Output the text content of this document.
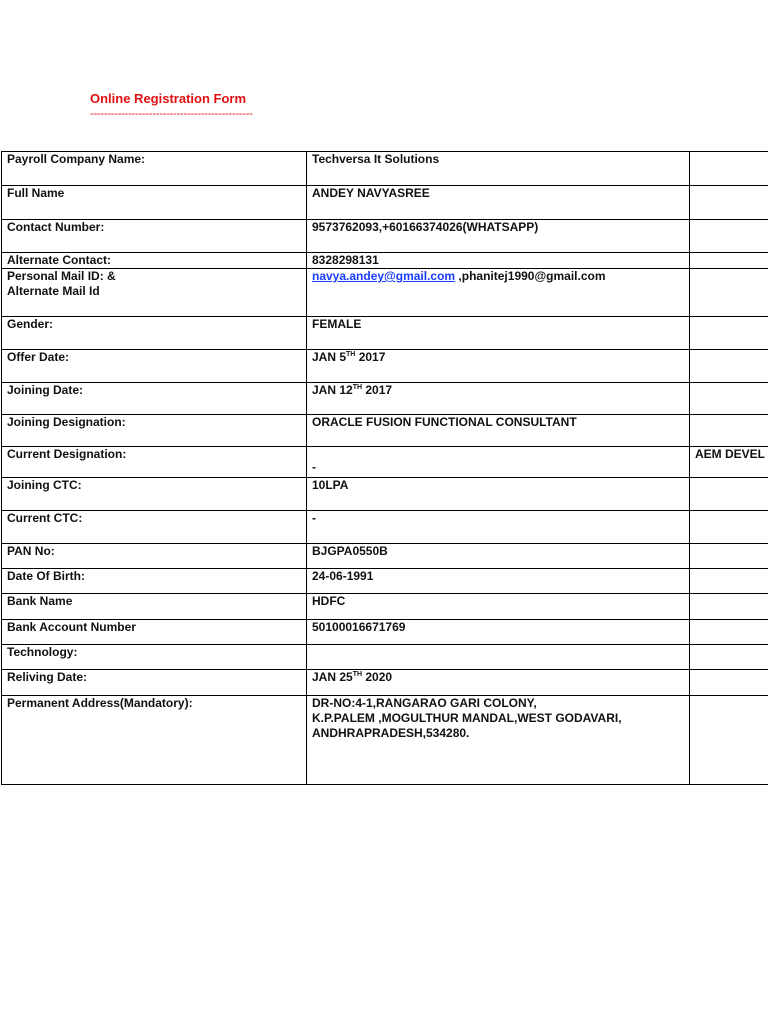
Online Registration Form
-----------------------------------------------
Payroll Company Name:	Techversa It Solutions	
Full Name	ANDEY NAVYASREE	
Contact Number:	9573762093,+60166374026(WHATSAPP)	
Alternate Contact:	8328298131	

Personal Mail ID: &
Alternate Mail Id	navya.andey@gmail.com ,phanitej1990@gmail.com	
Gender:	FEMALE	
Offer Date:	JAN 5TH 2017	
Joining Date:	JAN 12TH 2017	
Joining Designation:	ORACLE FUSION FUNCTIONAL CONSULTANT	
Current Designation:	-	AEM DEVEL
Joining CTC:	10LPA	
Current CTC:	-	
PAN No:	BJGPA0550B	
Date Of Birth:	24-06-1991	
Bank Name	HDFC	
Bank Account Number	50100016671769	
Technology:		
Reliving Date:	JAN 25TH 2020	
Permanent Address(Mandatory):	DR-NO:4-1,RANGARAO GARI COLONY,
K.P.PALEM ,MOGULTHUR MANDAL,WEST GODAVARI,
ANDHRAPRADESH,534280.	
